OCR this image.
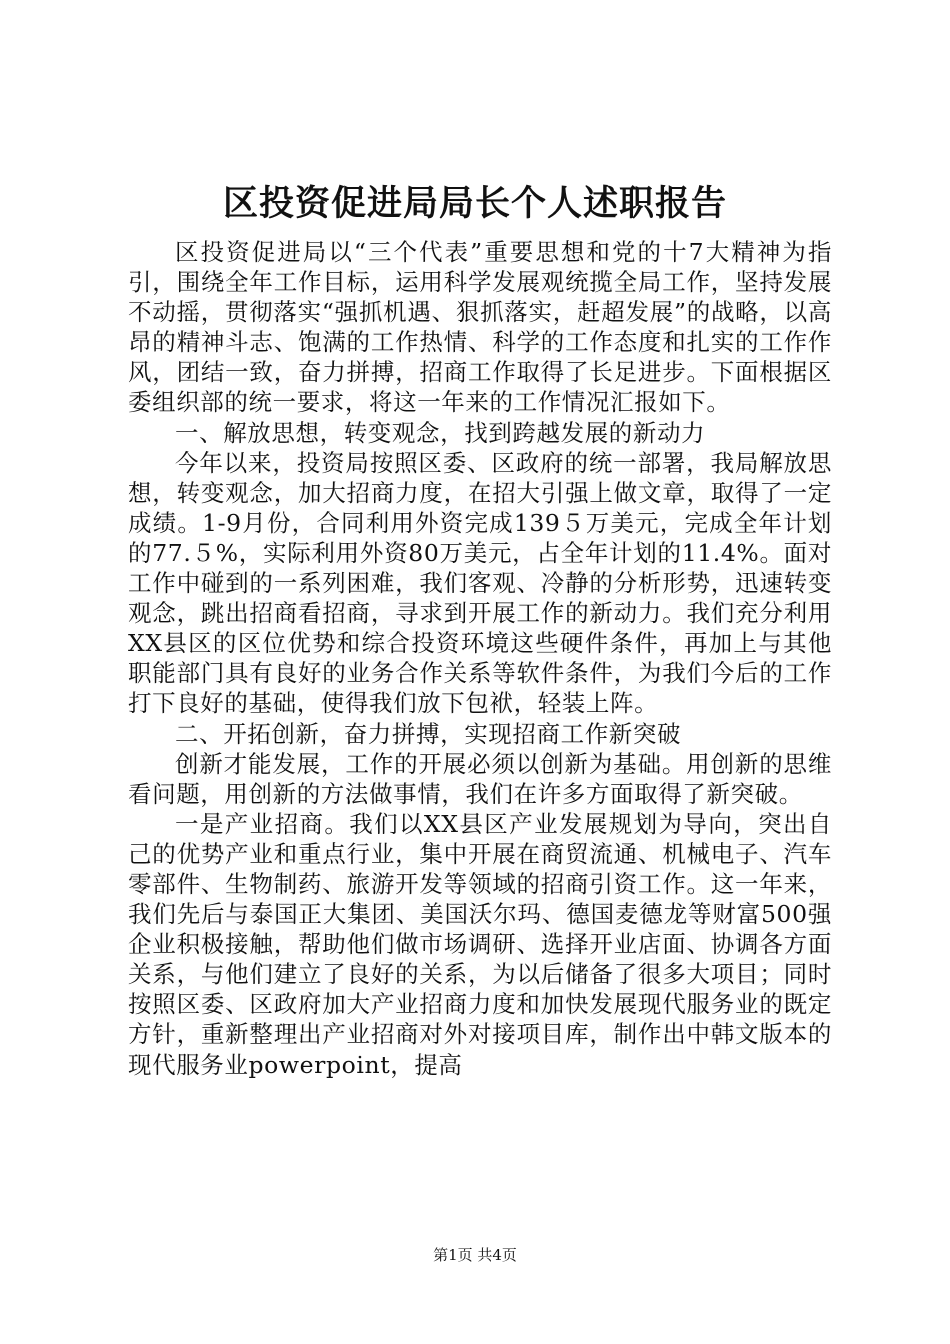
区投资促进局局长个人述职报告

区投资促进局以“三个代表”重要思想和党的十7大精神为指引，围绕全年工作目标，运用科学发展观统揽全局工作，坚持发展不动摇，贯彻落实“强抓机遇、狠抓落实，赶超发展”的战略，以高昂的精神斗志、饱满的工作热情、科学的工作态度和扎实的工作作风，团结一致，奋力拼搏，招商工作取得了长足进步。下面根据区委组织部的统一要求，将这一年来的工作情况汇报如下。

一、解放思想，转变观念，找到跨越发展的新动力

今年以来，投资局按照区委、区政府的统一部署，我局解放思想，转变观念，加大招商力度，在招大引强上做文章，取得了一定成绩。1-9月份，合同利用外资完成139５万美元，完成全年计划的77.５%，实际利用外资80万美元，占全年计划的11.4%。面对工作中碰到的一系列困难，我们客观、冷静的分析形势，迅速转变观念，跳出招商看招商，寻求到开展工作的新动力。我们充分利用XX县区的区位优势和综合投资环境这些硬件条件，再加上与其他职能部门具有良好的业务合作关系等软件条件，为我们今后的工作打下良好的基础，使得我们放下包袱，轻装上阵。

二、开拓创新，奋力拼搏，实现招商工作新突破

创新才能发展，工作的开展必须以创新为基础。用创新的思维看问题，用创新的方法做事情，我们在许多方面取得了新突破。

一是产业招商。我们以XX县区产业发展规划为导向，突出自己的优势产业和重点行业，集中开展在商贸流通、机械电子、汽车零部件、生物制药、旅游开发等领域的招商引资工作。这一年来，我们先后与泰国正大集团、美国沃尔玛、德国麦德龙等财富500强企业积极接触，帮助他们做市场调研、选择开业店面、协调各方面关系，与他们建立了良好的关系，为以后储备了很多大项目；同时按照区委、区政府加大产业招商力度和加快发展现代服务业的既定方针，重新整理出产业招商对外对接项目库，制作出中韩文版本的现代服务业powerpoint，提高

第1页 共4页
